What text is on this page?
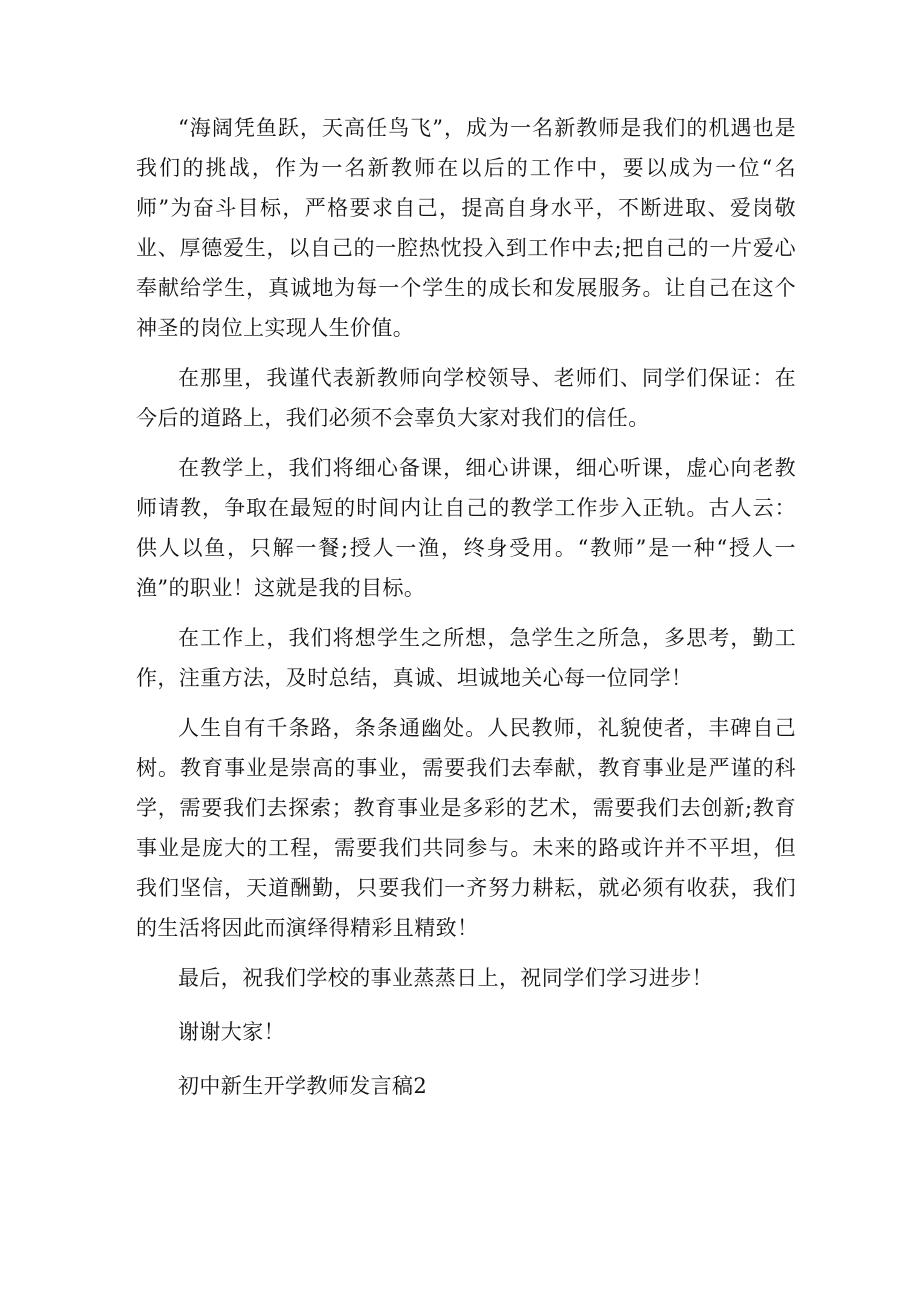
“海阔凭鱼跃，天高任鸟飞”，成为一名新教师是我们的机遇也是我们的挑战，作为一名新教师在以后的工作中，要以成为一位“名师”为奋斗目标，严格要求自己，提高自身水平，不断进取、爱岗敬业、厚德爱生，以自己的一腔热忱投入到工作中去;把自己的一片爱心奉献给学生，真诚地为每一个学生的成长和发展服务。让自己在这个神圣的岗位上实现人生价值。

在那里，我谨代表新教师向学校领导、老师们、同学们保证：在今后的道路上，我们必须不会辜负大家对我们的信任。

在教学上，我们将细心备课，细心讲课，细心听课，虚心向老教师请教，争取在最短的时间内让自己的教学工作步入正轨。古人云：供人以鱼，只解一餐;授人一渔，终身受用。“教师”是一种“授人一渔”的职业！这就是我的目标。

在工作上，我们将想学生之所想，急学生之所急，多思考，勤工作，注重方法，及时总结，真诚、坦诚地关心每一位同学！

人生自有千条路，条条通幽处。人民教师，礼貌使者，丰碑自己树。教育事业是崇高的事业，需要我们去奉献，教育事业是严谨的科学，需要我们去探索；教育事业是多彩的艺术，需要我们去创新;教育事业是庞大的工程，需要我们共同参与。未来的路或许并不平坦，但我们坚信，天道酬勤，只要我们一齐努力耕耘，就必须有收获，我们的生活将因此而演绎得精彩且精致！

最后，祝我们学校的事业蒸蒸日上，祝同学们学习进步！

谢谢大家！

初中新生开学教师发言稿2
